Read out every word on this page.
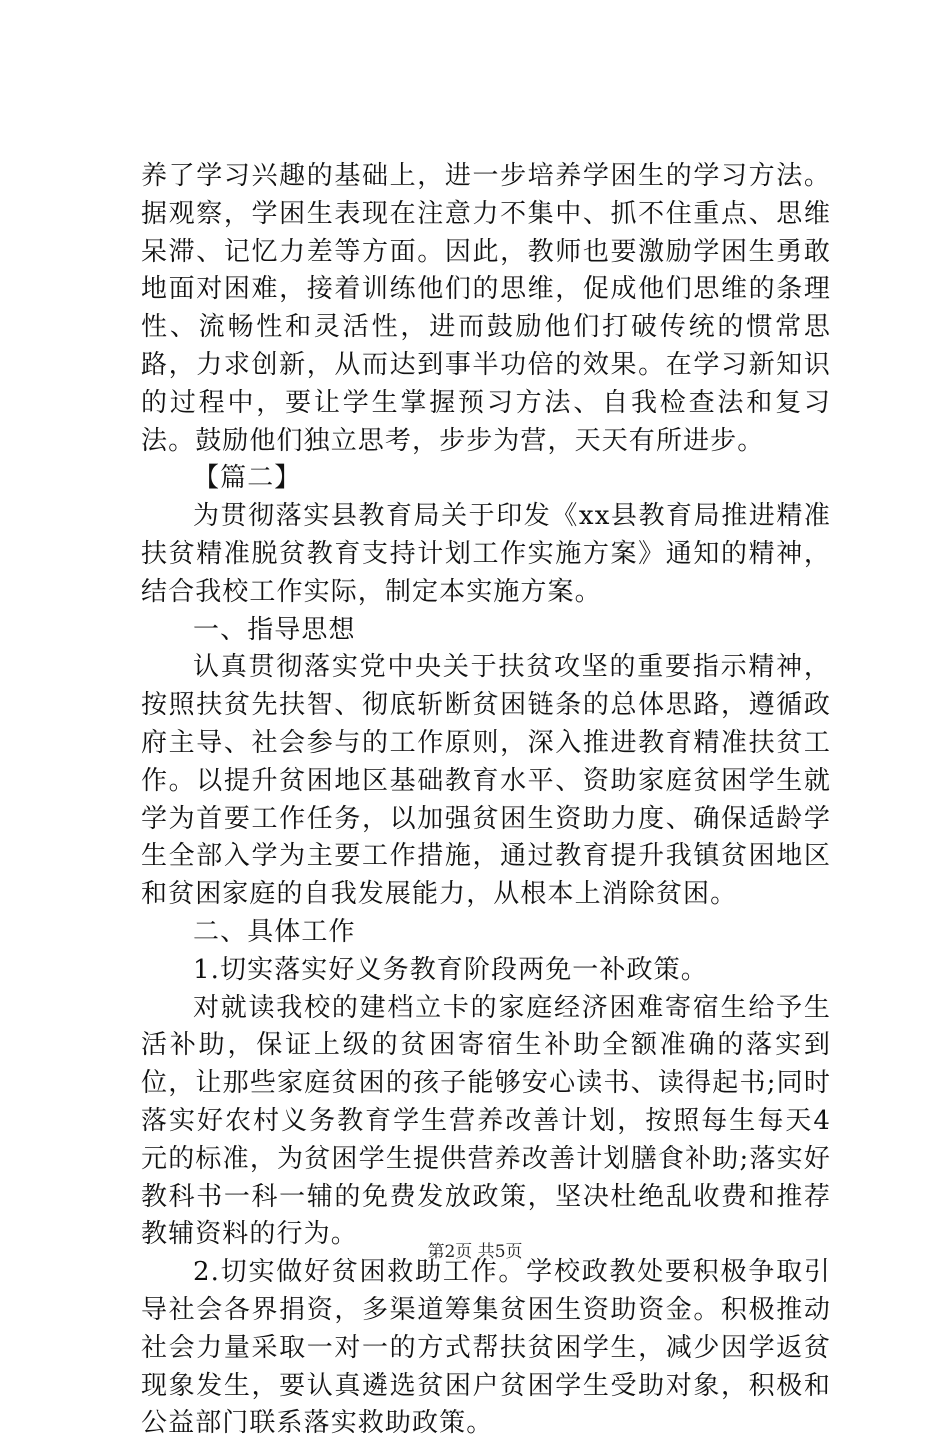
养了学习兴趣的基础上，进一步培养学困生的学习方法。据观察，学困生表现在注意力不集中、抓不住重点、思维呆滞、记忆力差等方面。因此，教师也要激励学困生勇敢地面对困难，接着训练他们的思维，促成他们思维的条理性、流畅性和灵活性，进而鼓励他们打破传统的惯常思路，力求创新，从而达到事半功倍的效果。在学习新知识的过程中，要让学生掌握预习方法、自我检查法和复习法。鼓励他们独立思考，步步为营，天天有所进步。

【篇二】

为贯彻落实县教育局关于印发《xx县教育局推进精准扶贫精准脱贫教育支持计划工作实施方案》通知的精神，结合我校工作实际，制定本实施方案。

一、指导思想

认真贯彻落实党中央关于扶贫攻坚的重要指示精神，按照扶贫先扶智、彻底斩断贫困链条的总体思路，遵循政府主导、社会参与的工作原则，深入推进教育精准扶贫工作。以提升贫困地区基础教育水平、资助家庭贫困学生就学为首要工作任务，以加强贫困生资助力度、确保适龄学生全部入学为主要工作措施，通过教育提升我镇贫困地区和贫困家庭的自我发展能力，从根本上消除贫困。

二、具体工作

1.切实落实好义务教育阶段两免一补政策。

对就读我校的建档立卡的家庭经济困难寄宿生给予生活补助，保证上级的贫困寄宿生补助全额准确的落实到位，让那些家庭贫困的孩子能够安心读书、读得起书;同时落实好农村义务教育学生营养改善计划，按照每生每天4元的标准，为贫困学生提供营养改善计划膳食补助;落实好教科书一科一辅的免费发放政策，坚决杜绝乱收费和推荐教辅资料的行为。

2.切实做好贫困救助工作。学校政教处要积极争取引导社会各界捐资，多渠道筹集贫困生资助资金。积极推动社会力量采取一对一的方式帮扶贫困学生，减少因学返贫现象发生，要认真遴选贫困户贫困学生受助对象，积极和公益部门联系落实救助政策。

第2页 共5页
